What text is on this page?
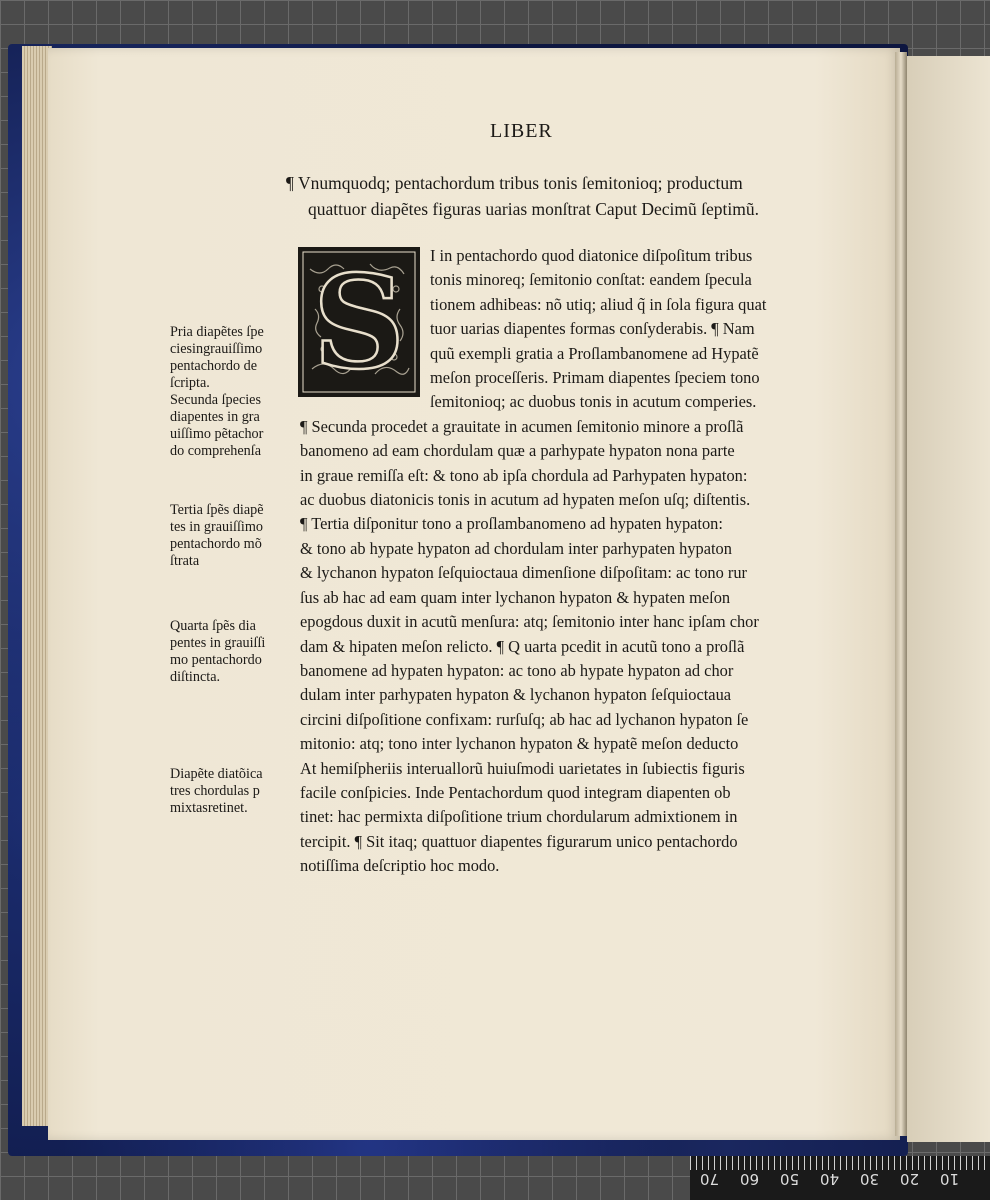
LIBER
¶ Vnumquodq; pentachordum tribus tonis ſemitonioq; productum
quattuor diapẽtes figuras uarias monſtrat Caput Decimũ ſeptimũ.
S	I in pentachordo quod diatonice diſpoſitum tribus
tonis minoreq; ſemitonio conſtat: eandem ſpecula
tionem adhibeas: nõ utiq; aliud q̃ in ſola figura quat
tuor uarias diapentes formas conſyderabis. ¶ Nam
quũ exempli gratia a Proſlambanomene ad Hypatẽ
meſon proceſſeris. Primam diapentes ſpeciem tono
ſemitonioq; ac duobus tonis in acutum comperies.
¶ Secunda procedet a grauitate in acumen ſemitonio minore a proſlã
banomeno ad eam chordulam quæ a parhypate hypaton nona parte
in graue remiſſa eſt: & tono ab ipſa chordula ad Parhypaten hypaton:
ac duobus diatonicis tonis in acutum ad hypaten meſon uſq; diſtentis.
¶ Tertia diſponitur tono a proſlambanomeno ad hypaten hypaton:
& tono ab hypate hypaton ad chordulam inter parhypaten hypaton
& lychanon hypaton ſeſquioctaua dimenſione diſpoſitam: ac tono rur
ſus ab hac ad eam quam inter lychanon hypaton & hypaten meſon
epogdous duxit in acutũ menſura: atq; ſemitonio inter hanc ipſam chor
dam & hipaten meſon relicto. ¶ Q uarta pcedit in acutũ tono a proſlã
banomene ad hypaten hypaton: ac tono ab hypate hypaton ad chor
dulam inter parhypaten hypaton & lychanon hypaton ſeſquioctaua
circini diſpoſitione confixam: rurſuſq; ab hac ad lychanon hypaton ſe
mitonio: atq; tono inter lychanon hypaton & hypatẽ meſon deducto
At hemiſpheriis interuallorũ huiuſmodi uarietates in ſubiectis figuris
facile conſpicies. Inde Pentachordum quod integram diapenten ob
tinet: hac permixta diſpoſitione trium chordularum admixtionem in
tercipit. ¶ Sit itaq; quattuor diapentes figurarum unico pentachordo
notiſſima deſcriptio hoc modo.
Pria diapẽtes ſpe
ciesingrauiſſimo
pentachordo de
ſcripta.
Secunda ſpecies
diapentes in gra
uiſſimo pẽtachor
do comprehenſa
Tertia ſpẽs diapẽ
tes in grauiſſimo
pentachordo mõ
ſtrata
Quarta ſpẽs dia
pentes in grauiſſi
mo pentachordo
diſtincta.
Diapẽte diatõica
tres chordulas p
mixtasretinet.
70 60 50 40 30 20 10
